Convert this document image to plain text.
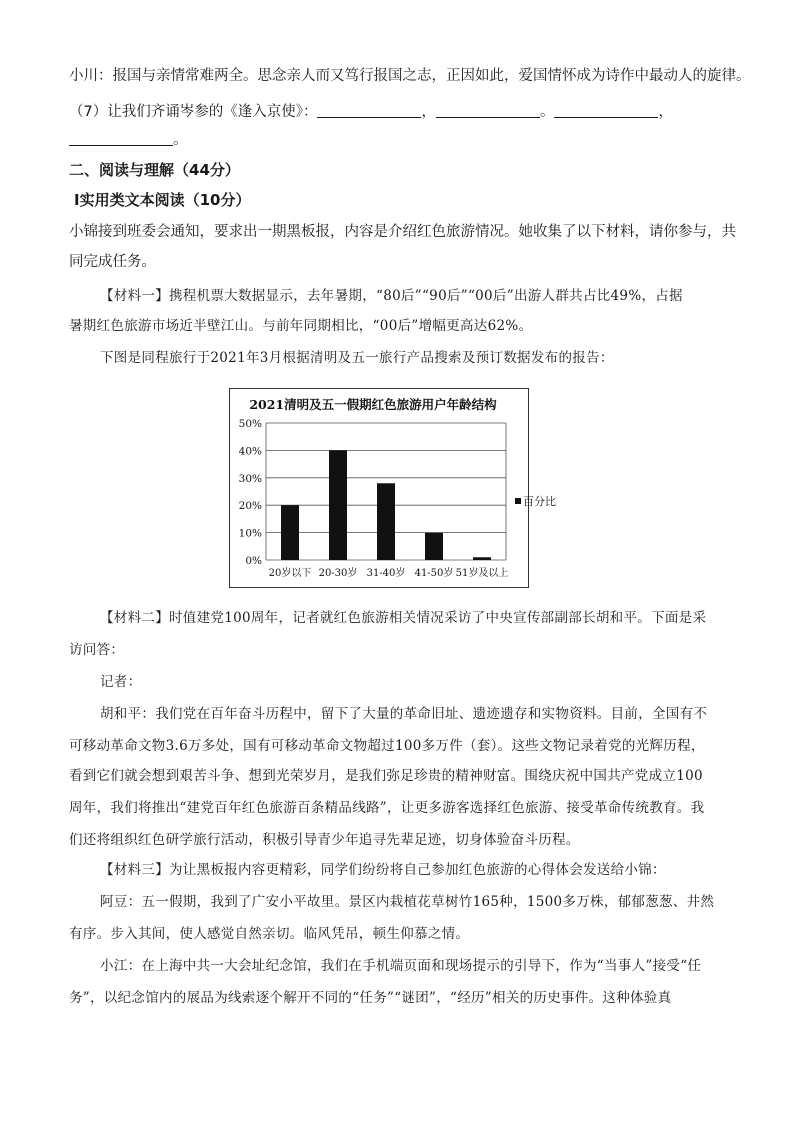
小川：报国与亲情常难两全。思念亲人而又笃行报国之志，正因如此，爱国情怀成为诗作中最动人的旋律。
（7）让我们齐诵岑参的《逢入京使》：	，	。	，
。
二、阅读与理解（44分）
Ⅰ实用类文本阅读（10分）
小锦接到班委会通知，要求出一期黑板报，内容是介绍红色旅游情况。她收集了以下材料，请你参与，共
同完成任务。
【材料一】携程机票大数据显示，去年暑期，“80后”“90后”“00后”出游人群共占比49%，占据
暑期红色旅游市场近半壁江山。与前年同期相比，“00后”增幅更高达62%。
下图是同程旅行于2021年3月根据清明及五一旅行产品搜索及预订数据发布的报告：
2021清明及五一假期红色旅游用户年龄结构
0%
10%
20%
30%
40%
50%
20岁以下 20-30岁 31-40岁 41-50岁 51岁及以上
百分比
【材料二】时值建党100周年，记者就红色旅游相关情况采访了中央宣传部副部长胡和平。下面是采
访问答：
记者：
胡和平：我们党在百年奋斗历程中，留下了大量的革命旧址、遗迹遗存和实物资料。目前，全国有不
可移动革命文物3.6万多处，国有可移动革命文物超过100多万件（套）。这些文物记录着党的光辉历程，
看到它们就会想到艰苦斗争、想到光荣岁月，是我们弥足珍贵的精神财富。围绕庆祝中国共产党成立100
周年，我们将推出“建党百年红色旅游百条精品线路”，让更多游客选择红色旅游、接受革命传统教育。我
们还将组织红色研学旅行活动，积极引导青少年追寻先辈足迹，切身体验奋斗历程。
【材料三】为让黑板报内容更精彩，同学们纷纷将自己参加红色旅游的心得体会发送给小锦：
阿豆：五一假期，我到了广安小平故里。景区内栽植花草树竹165种，1500多万株，郁郁葱葱、井然
有序。步入其间，使人感觉自然亲切。临风凭吊，顿生仰慕之情。
小江：在上海中共一大会址纪念馆，我们在手机端页面和现场提示的引导下，作为“当事人”接受“任
务”，以纪念馆内的展品为线索逐个解开不同的“任务”“谜团”，“经历”相关的历史事件。这种体验真
